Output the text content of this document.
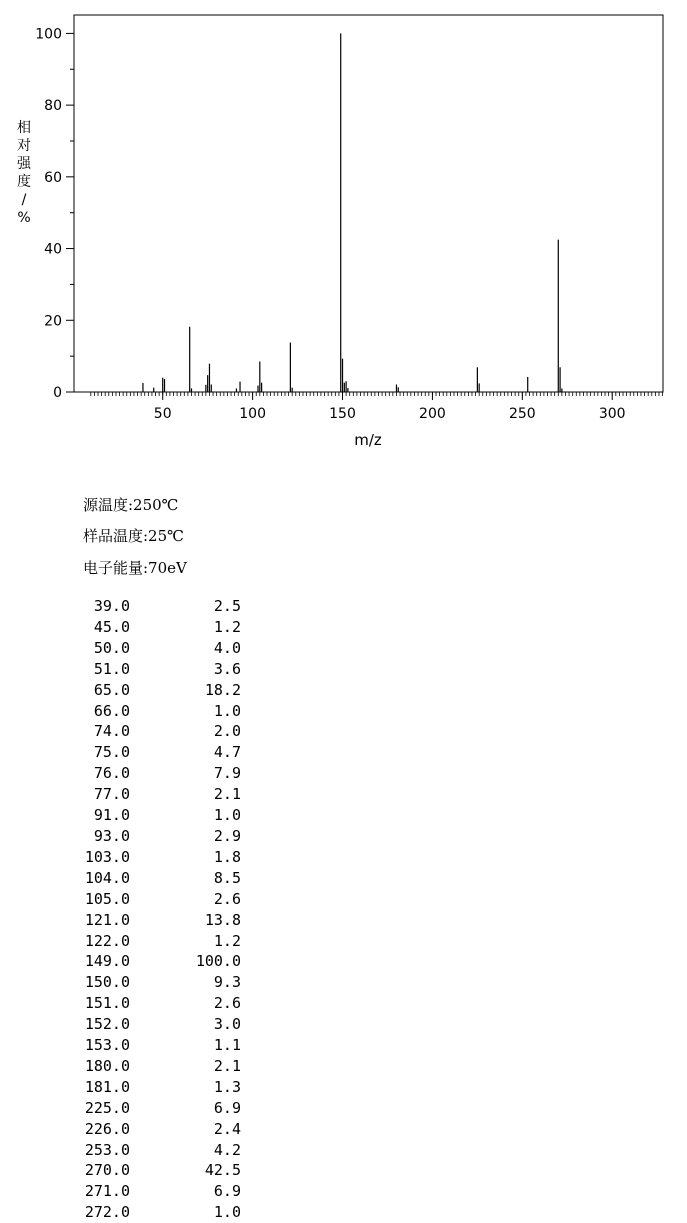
50	100	150	200	250	300
0
20
40
60
80
100
m/z
相对强度/ %
源温度:250℃
样品温度:25℃
电子能量:70eV
39.0	2.5
45.0	1.2
50.0	4.0
51.0	3.6
65.0	18.2
66.0	1.0
74.0	2.0
75.0	4.7
76.0	7.9
77.0	2.1
91.0	1.0
93.0	2.9
103.0	1.8
104.0	8.5
105.0	2.6
121.0	13.8
122.0	1.2
149.0	100.0
150.0	9.3
151.0	2.6
152.0	3.0
153.0	1.1
180.0	2.1
181.0	1.3
225.0	6.9
226.0	2.4
253.0	4.2
270.0	42.5
271.0	6.9
272.0	1.0
